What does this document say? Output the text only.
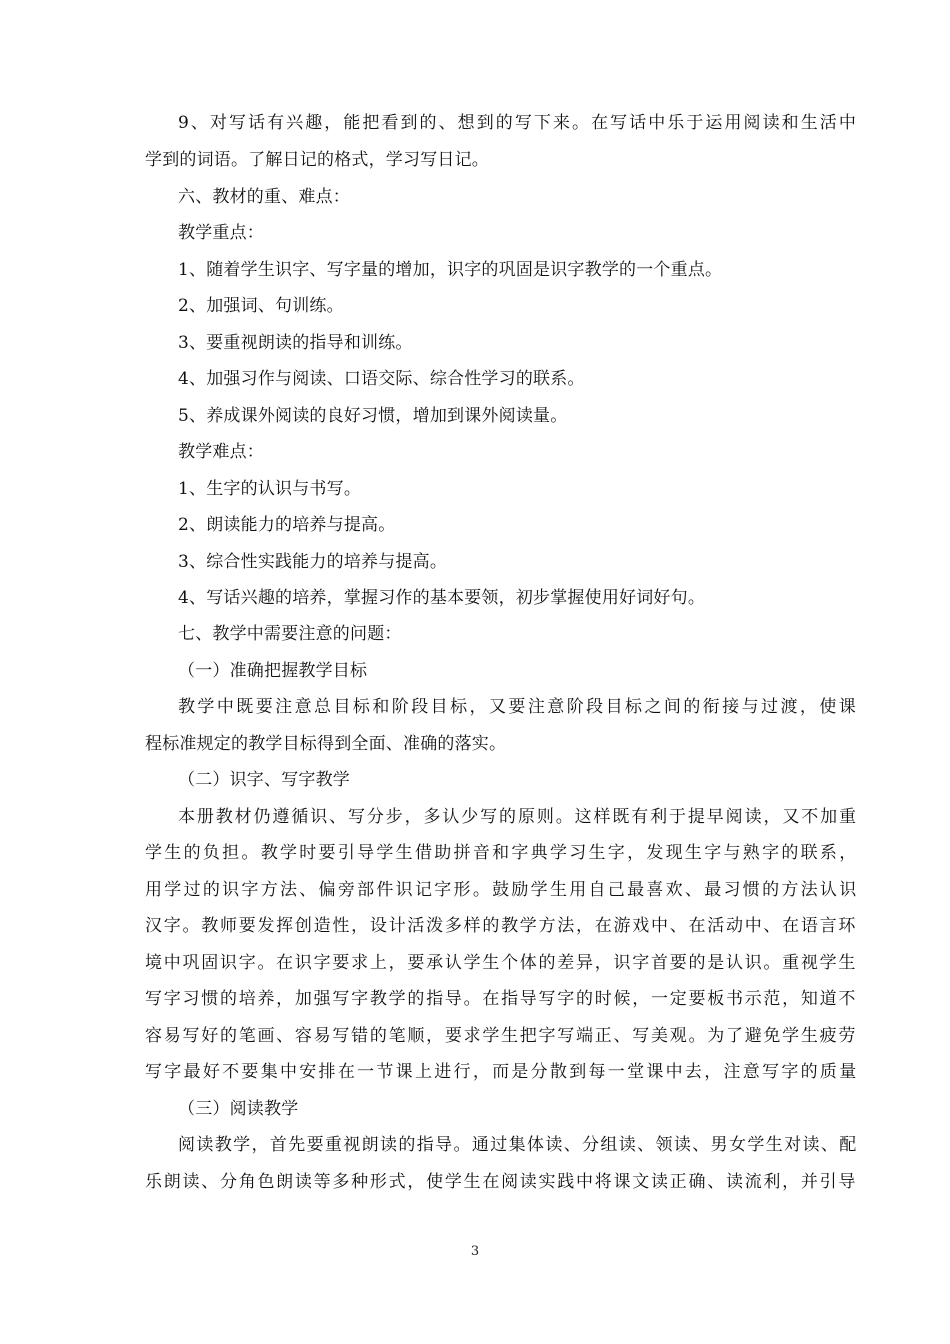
9、对写话有兴趣，能把看到的、想到的写下来。在写话中乐于运用阅读和生活中
学到的词语。了解日记的格式，学习写日记。
六、教材的重、难点：
教学重点：
1、随着学生识字、写字量的增加，识字的巩固是识字教学的一个重点。
2、加强词、句训练。
3、要重视朗读的指导和训练。
4、加强习作与阅读、口语交际、综合性学习的联系。
5、养成课外阅读的良好习惯，增加到课外阅读量。
教学难点：
1、生字的认识与书写。
2、朗读能力的培养与提高。
3、综合性实践能力的培养与提高。
4、写话兴趣的培养，掌握习作的基本要领，初步掌握使用好词好句。
七、教学中需要注意的问题：
（一）准确把握教学目标
教学中既要注意总目标和阶段目标，又要注意阶段目标之间的衔接与过渡，使课
程标准规定的教学目标得到全面、准确的落实。
（二）识字、写字教学
本册教材仍遵循识、写分步，多认少写的原则。这样既有利于提早阅读，又不加重
学生的负担。教学时要引导学生借助拼音和字典学习生字，发现生字与熟字的联系，
用学过的识字方法、偏旁部件识记字形。鼓励学生用自己最喜欢、最习惯的方法认识
汉字。教师要发挥创造性，设计活泼多样的教学方法，在游戏中、在活动中、在语言环
境中巩固识字。在识字要求上，要承认学生个体的差异，识字首要的是认识。重视学生
写字习惯的培养，加强写字教学的指导。在指导写字的时候，一定要板书示范，知道不
容易写好的笔画、容易写错的笔顺，要求学生把字写端正、写美观。为了避免学生疲劳
写字最好不要集中安排在一节课上进行，而是分散到每一堂课中去，注意写字的质量
（三）阅读教学
阅读教学，首先要重视朗读的指导。通过集体读、分组读、领读、男女学生对读、配
乐朗读、分角色朗读等多种形式，使学生在阅读实践中将课文读正确、读流利，并引导
3
